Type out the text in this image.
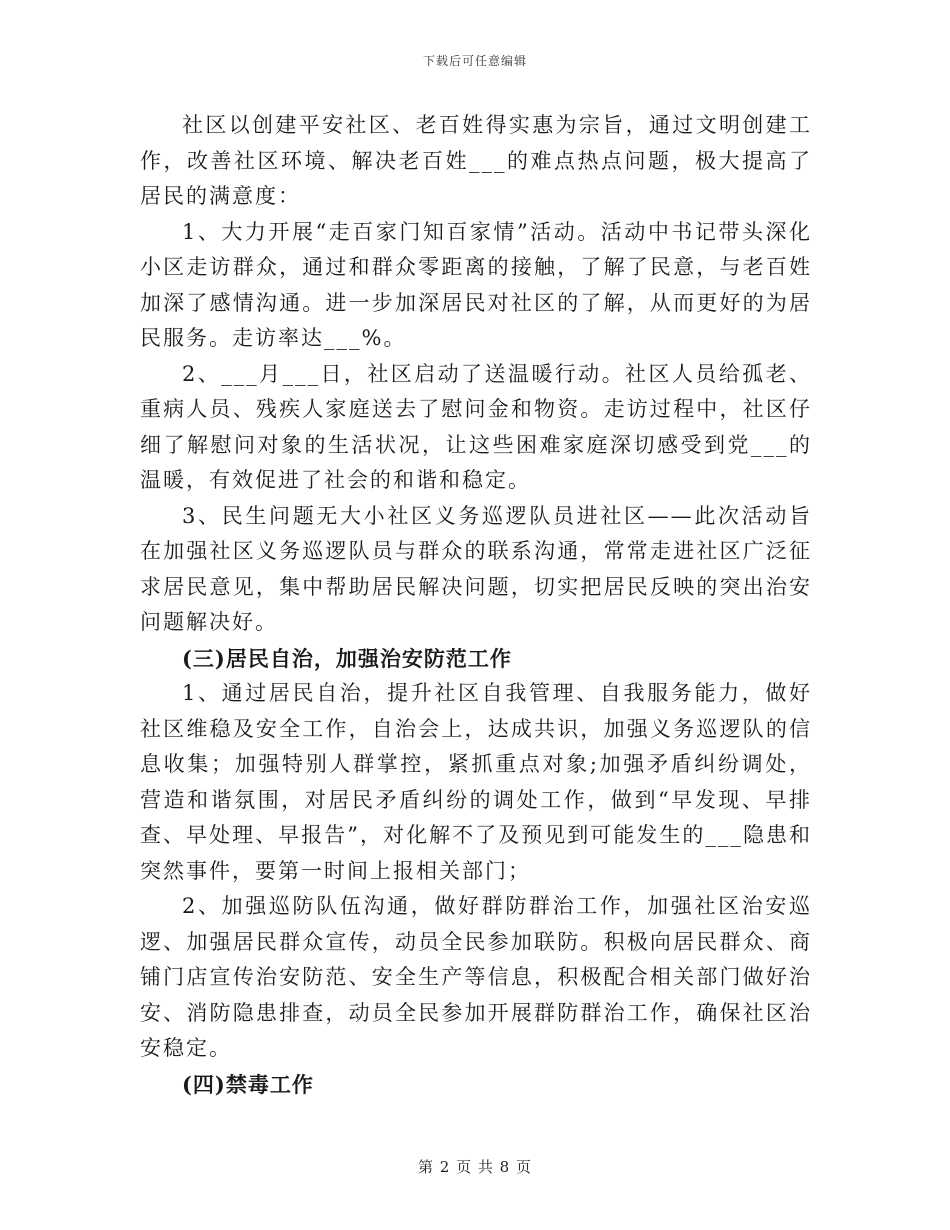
下载后可任意编辑

社区以创建平安社区、老百姓得实惠为宗旨，通过文明创建工作，改善社区环境、解决老百姓___的难点热点问题，极大提高了居民的满意度：

1、大力开展“走百家门知百家情”活动。活动中书记带头深化小区走访群众，通过和群众零距离的接触，了解了民意，与老百姓加深了感情沟通。进一步加深居民对社区的了解，从而更好的为居民服务。走访率达___%。

2、___月___日，社区启动了送温暖行动。社区人员给孤老、重病人员、残疾人家庭送去了慰问金和物资。走访过程中，社区仔细了解慰问对象的生活状况，让这些困难家庭深切感受到党___的温暖，有效促进了社会的和谐和稳定。

3、民生问题无大小社区义务巡逻队员进社区——此次活动旨在加强社区义务巡逻队员与群众的联系沟通，常常走进社区广泛征求居民意见，集中帮助居民解决问题，切实把居民反映的突出治安问题解决好。

(三)居民自治，加强治安防范工作

1、通过居民自治，提升社区自我管理、自我服务能力，做好社区维稳及安全工作，自治会上，达成共识，加强义务巡逻队的信息收集；加强特别人群掌控，紧抓重点对象;加强矛盾纠纷调处，营造和谐氛围，对居民矛盾纠纷的调处工作，做到“早发现、早排查、早处理、早报告”，对化解不了及预见到可能发生的___隐患和突然事件，要第一时间上报相关部门；

2、加强巡防队伍沟通，做好群防群治工作，加强社区治安巡逻、加强居民群众宣传，动员全民参加联防。积极向居民群众、商铺门店宣传治安防范、安全生产等信息，积极配合相关部门做好治安、消防隐患排查，动员全民参加开展群防群治工作，确保社区治安稳定。

(四)禁毒工作

第 2 页 共 8 页
